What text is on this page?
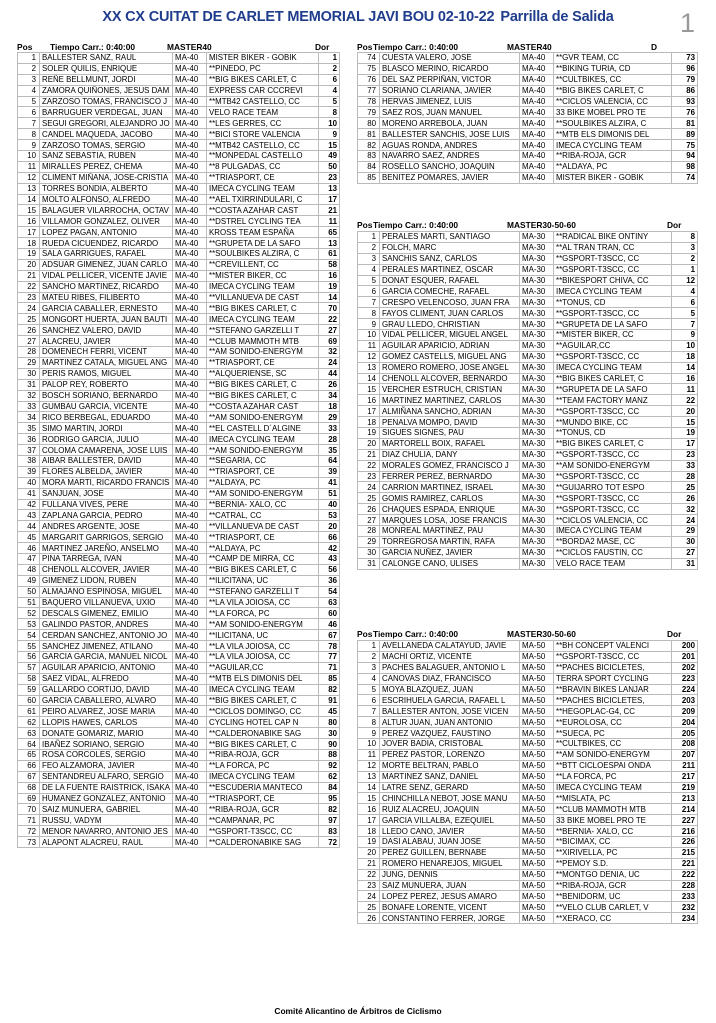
XX CX CUITAT DE CARLET MEMORIAL JAVI BOU 02-10-22 Parrilla de Salida	1
Pos Tiempo Carr.: 0:40:00	MASTER40	Dor
1	BALLESTER SANZ, RAUL	MA-40	MISTER BIKER - GOBIK	1
2	SOLER QUILIS, ENRIQUE	MA-40	**PINEDO, PC	2
3	REÑE BELLMUNT, JORDI	MA-40	**BIG BIKES CARLET, C	6
4	ZAMORA QUIÑONES, JESUS DAM	MA-40	EXPRESS CAR CCCREVI	4
5	ZARZOSO TOMAS, FRANCISCO J	MA-40	**MTB42 CASTELLO, CC	5
6	BARRUGUER VERDEGAL, JUAN	MA-40	VELO RACE TEAM	8
7	SEGUI GREGORI, ALEJANDRO JO	MA-40	**LES GERRES, CC	10
8	CANDEL MAQUEDA, JACOBO	MA-40	**BICI STORE VALENCIA	9
9	ZARZOSO TOMAS, SERGIO	MA-40	**MTB42 CASTELLO, CC	15
10	SANZ SEBASTIA, RUBEN	MA-40	**MONPEDAL CASTELLO	49
11	MIRALLES PEREZ, CHEMA	MA-40	**8 PULGADAS, CC	50
12	CLIMENT MIÑANA, JOSE-CRISTIA	MA-40	**TRIASPORT, CE	23
13	TORRES BONDIA, ALBERTO	MA-40	IMECA CYCLING TEAM	13
14	MOLTO ALFONSO, ALFREDO	MA-40	**AEL TXIRRINDULARI, C	17
15	BALAGUER VILARROCHA, OCTAV	MA-40	**COSTA AZAHAR CAST	21
16	VILLAMOR GONZALEZ, OLIVER	MA-40	**DSTREL CYCLING TEA	11
17	LOPEZ PAGAN, ANTONIO	MA-40	KROSS TEAM ESPAÑA	65
18	RUEDA CICUENDEZ, RICARDO	MA-40	**GRUPETA DE LA SAFO	13
19	SALA GARRIGUES, RAFAEL	MA-40	**SOULBIKES ALZIRA, C	61
20	ADSUAR GIMENEZ, JUAN CARLO	MA-40	**CREVILLENT, CC	58
21	VIDAL PELLICER, VICENTE JAVIE	MA-40	**MISTER BIKER, CC	16
22	SANCHO MARTINEZ, RICARDO	MA-40	IMECA CYCLING TEAM	19
23	MATEU RIBES, FILIBERTO	MA-40	**VILLANUEVA DE CAST	14
24	GARCIA CABALLER, ERNESTO	MA-40	**BIG BIKES CARLET, C	70
25	MONGORT HUERTA, JUAN BAUTI	MA-40	IMECA CYCLING TEAM	22
26	SANCHEZ VALERO, DAVID	MA-40	**STEFANO GARZELLI T	27
27	ALACREU, JAVIER	MA-40	**CLUB MAMMOTH MTB	69
28	DOMENECH FERRI, VICENT	MA-40	**AM SONIDO-ENERGYM	32
29	MARTINEZ CATALA, MIGUEL ANG	MA-40	**TRIASPORT, CE	24
30	PERIS RAMOS, MIGUEL	MA-40	**ALQUERIENSE, SC	44
31	PALOP REY, ROBERTO	MA-40	**BIG BIKES CARLET, C	26
32	BOSCH SORIANO, BERNARDO	MA-40	**BIG BIKES CARLET, C	34
33	GUMBAU GARCIA, VICENTE	MA-40	**COSTA AZAHAR CAST	18
34	RICO BERBEGAL, EDUARDO	MA-40	**AM SONIDO-ENERGYM	29
35	SIMO MARTIN, JORDI	MA-40	**EL CASTELL D´ALGINE	33
36	RODRIGO GARCIA, JULIO	MA-40	IMECA CYCLING TEAM	28
37	COLOMA CAMARENA, JOSE LUIS	MA-40	**AM SONIDO-ENERGYM	35
38	AIBAR BALLESTER, DAVID	MA-40	**SEGARIA, CC	64
39	FLORES ALBELDA, JAVIER	MA-40	**TRIASPORT, CE	39
40	MORA MARTI, RICARDO FRANCIS	MA-40	**ALDAYA, PC	41
41	SANJUAN, JOSE	MA-40	**AM SONIDO-ENERGYM	51
42	FULLANA VIVES, PERE	MA-40	**BERNIA- XALO, CC	40
43	ZAPLANA GARCIA, PEDRO	MA-40	**CATRAL, CC	53
44	ANDRES ARGENTE, JOSE	MA-40	**VILLANUEVA DE CAST	20
45	MARGARIT GARRIGOS, SERGIO	MA-40	**TRIASPORT, CE	66
46	MARTINEZ JAREÑO, ANSELMO	MA-40	**ALDAYA, PC	42
47	PINA TARREGA, IVAN	MA-40	**CAMP DE MIRRA, CC	43
48	CHENOLL ALCOVER, JAVIER	MA-40	**BIG BIKES CARLET, C	56
49	GIMENEZ LIDON, RUBEN	MA-40	**ILICITANA, UC	36
50	ALMAJANO ESPINOSA, MIGUEL	MA-40	**STEFANO GARZELLI T	54
51	BAQUERO VILLANUEVA, UXIO	MA-40	**LA VILA JOIOSA, CC	63
52	DESCALS GIMENEZ, EMILIO	MA-40	**LA FORCA, PC	60
53	GALINDO PASTOR, ANDRES	MA-40	**AM SONIDO-ENERGYM	46
54	CERDAN SANCHEZ, ANTONIO JO	MA-40	**ILICITANA, UC	67
55	SANCHEZ JIMENEZ, ATILANO	MA-40	**LA VILA JOIOSA, CC	78
56	GARCIA GARCIA, MANUEL NICOL	MA-40	**LA VILA JOIOSA, CC	77
57	AGUILAR APARICIO, ANTONIO	MA-40	**AGUILAR,CC	71
58	SAEZ VIDAL, ALFREDO	MA-40	**MTB ELS DIMONIS DEL	85
59	GALLARDO CORTIJO, DAVID	MA-40	IMECA CYCLING TEAM	82
60	GARCIA CABALLERO, ALVARO	MA-40	**BIG BIKES CARLET, C	91
61	PEIRO ALVAREZ, JOSE MARIA	MA-40	**CICLOS DOMINGO, CC	45
62	LLOPIS HAWES, CARLOS	MA-40	CYCLING HOTEL CAP N	80
63	DONATE GOMARIZ, MARIO	MA-40	**CALDERONABIKE SAG	30
64	IBAÑEZ SORIANO, SERGIO	MA-40	**BIG BIKES CARLET, C	90
65	ROSA CORCOLES, SERGIO	MA-40	**RIBA-ROJA, GCR	88
66	FEO ALZAMORA, JAVIER	MA-40	**LA FORCA, PC	92
67	SENTANDREU ALFARO, SERGIO	MA-40	IMECA CYCLING TEAM	62
68	DE LA FUENTE RAISTRICK, ISAKA	MA-40	**ESCUDERIA MANTECO	84
69	HUMANEZ GONZALEZ, ANTONIO	MA-40	**TRIASPORT, CE	95
70	SAIZ MUNUERA, GABRIEL	MA-40	**RIBA-ROJA, GCR	82
71	RUSSU, VADYM	MA-40	**CAMPANAR, PC	97
72	MENOR NAVARRO, ANTONIO JES	MA-40	**GSPORT-T3SCC, CC	83
73	ALAPONT ALACREU, RAUL	MA-40	**CALDERONABIKE SAG	72
Pos Tiempo Carr.: 0:40:00	MASTER40	D
74	CUESTA VALERO, JOSE	MA-40	**GVR TEAM, CC	73
75	BLASCO MERINO, RICARDO	MA-40	**BIKING TURIA, CD	96
76	DEL SAZ PERPIÑAN, VICTOR	MA-40	**CULTBIKES, CC	79
77	SORIANO CLARIANA, JAVIER	MA-40	**BIG BIKES CARLET, C	86
78	HERVAS JIMENEZ, LUIS	MA-40	**CICLOS VALENCIA, CC	93
79	SAEZ ROS, JUAN MANUEL	MA-40	33 BIKE MOBEL PRO TE	76
80	MORENO ARREBOLA, JUAN	MA-40	**SOULBIKES ALZIRA, C	81
81	BALLESTER SANCHIS, JOSE LUIS	MA-40	**MTB ELS DIMONIS DEL	89
82	AGUAS RONDA, ANDRES	MA-40	IMECA CYCLING TEAM	75
83	NAVARRO SAEZ, ANDRES	MA-40	**RIBA-ROJA, GCR	94
84	ROSELLO SANCHO, JOAQUIN	MA-40	**ALDAYA, PC	98
85	BENITEZ POMARES, JAVIER	MA-40	MISTER BIKER - GOBIK	74
Pos Tiempo Carr.: 0:40:00	MASTER30-50-60	Dor
1	PERALES MARTI, SANTIAGO	MA-30	**RADICAL BIKE ONTINY	8
2	FOLCH, MARC	MA-30	**AL TRAN TRAN, CC	3
3	SANCHIS SANZ, CARLOS	MA-30	**GSPORT-T3SCC, CC	2
4	PERALES MARTINEZ, OSCAR	MA-30	**GSPORT-T3SCC, CC	1
5	DONAT ESQUER, RAFAEL	MA-30	**BIKESPORT CHIVA, CC	12
6	GARCIA COMECHE, RAFAEL	MA-30	IMECA CYCLING TEAM	4
7	CRESPO VELENCOSO, JUAN FRA	MA-30	**TONUS, CD	6
8	FAYOS CLIMENT, JUAN CARLOS	MA-30	**GSPORT-T3SCC, CC	5
9	GRAU LLEDO, CHRISTIAN	MA-30	**GRUPETA DE LA SAFO	7
10	VIDAL PELLICER, MIGUEL ANGEL	MA-30	**MISTER BIKER, CC	9
11	AGUILAR APARICIO, ADRIAN	MA-30	**AGUILAR,CC	10
12	GOMEZ CASTELLS, MIGUEL ANG	MA-30	**GSPORT-T3SCC, CC	18
13	ROMERO ROMERO, JOSE ANGEL	MA-30	IMECA CYCLING TEAM	14
14	CHENOLL ALCOVER, BERNARDO	MA-30	**BIG BIKES CARLET, C	16
15	VERCHER ESTRUCH, CRISTIAN	MA-30	**GRUPETA DE LA SAFO	11
16	MARTINEZ MARTINEZ, CARLOS	MA-30	**TEAM FACTORY MANZ	22
17	ALMIÑANA SANCHO, ADRIAN	MA-30	**GSPORT-T3SCC, CC	20
18	PENALVA MOMPO, DAVID	MA-30	**MUNDO BIKE, CC	15
19	SIGUES SIGNES, PAU	MA-30	**TONUS, CD	19
20	MARTORELL BOIX, RAFAEL	MA-30	**BIG BIKES CARLET, C	17
21	DIAZ CHULIA, DANY	MA-30	**GSPORT-T3SCC, CC	23
22	MORALES GOMEZ, FRANCISCO J	MA-30	**AM SONIDO-ENERGYM	33
23	FERRER PEREZ, BERNARDO	MA-30	**GSPORT-T3SCC, CC	28
24	CARRION MARTINEZ, ISRAEL	MA-30	**GUIJARRO TOT ESPO	25
25	GOMIS RAMIREZ, CARLOS	MA-30	**GSPORT-T3SCC, CC	26
26	CHAQUES ESPADA, ENRIQUE	MA-30	**GSPORT-T3SCC, CC	32
27	MARQUES LOSA, JOSE FRANCIS	MA-30	**CICLOS VALENCIA, CC	24
28	MONREAL MARTINEZ, PAU	MA-30	IMECA CYCLING TEAM	29
29	TORREGROSA MARTIN, RAFA	MA-30	**BORDA2 MASE, CC	30
30	GARCIA NUÑEZ, JAVIER	MA-30	**CICLOS FAUSTIN, CC	27
31	CALONGE CANO, ULISES	MA-30	VELO RACE TEAM	31
Pos Tiempo Carr.: 0:40:00	MASTER30-50-60	Dor
1	AVELLANEDA CALATAYUD, JAVIE	MA-50	**BH CONCEPT VALENCI	200
2	MACHI ORTIZ, VICENTE	MA-50	**GSPORT-T3SCC, CC	201
3	PACHES BALAGUER, ANTONIO L	MA-50	**PACHES BICICLETES,	202
4	CANOVAS DIAZ, FRANCISCO	MA-50	TERRA SPORT CYCLING	223
5	MOYA BLAZQUEZ, JUAN	MA-50	**BRAVIN BIKES LANJAR	224
6	ESCRIHUELA GARCIA, RAFAEL L	MA-50	**PACHES BICICLETES,	203
7	BALLESTER ANTON, JOSE VICEN	MA-50	**HEGOPLAC-G4, CC	209
8	ALTUR JUAN, JUAN ANTONIO	MA-50	**EUROLOSA, CC	204
9	PEREZ VAZQUEZ, FAUSTINO	MA-50	**SUECA, PC	205
10	JOVER BADIA, CRISTOBAL	MA-50	**CULTBIKES, CC	208
11	PEREZ PASTOR, LORENZO	MA-50	**AM SONIDO-ENERGYM	207
12	MORTE BELTRAN, PABLO	MA-50	**BTT CICLOESPAI ONDA	211
13	MARTINEZ SANZ, DANIEL	MA-50	**LA FORCA, PC	217
14	LATRE SENZ, GERARD	MA-50	IMECA CYCLING TEAM	219
15	CHINCHILLA NEBOT, JOSE MANU	MA-50	**MISLATA, PC	213
16	RUIZ ALACREU, JOAQUIN	MA-50	**CLUB MAMMOTH MTB	214
17	GARCIA VILLALBA, EZEQUIEL	MA-50	33 BIKE MOBEL PRO TE	227
18	LLEDO CANO, JAVIER	MA-50	**BERNIA- XALO, CC	216
19	DASI ALABAU, JUAN JOSE	MA-50	**BICIMAX, CC	226
20	PEREZ GUILLEN, BERNABE	MA-50	**XIRIVELLA, PC	215
21	ROMERO HENAREJOS, MIGUEL	MA-50	**PEMOY S.D.	221
22	JUNG, DENNIS	MA-50	**MONTGO DENIA, UC	222
23	SAIZ MUNUERA, JUAN	MA-50	**RIBA-ROJA, GCR	228
24	LOPEZ PEREZ, JESUS AMARO	MA-50	**BENIDORM, UC	233
25	BONAFE LORENTE, VICENT	MA-50	**VELO CLUB CARLET, V	232
26	CONSTANTINO FERRER, JORGE	MA-50	**XERACO, CC	234
Comité Alicantino de Árbitros de Ciclismo
